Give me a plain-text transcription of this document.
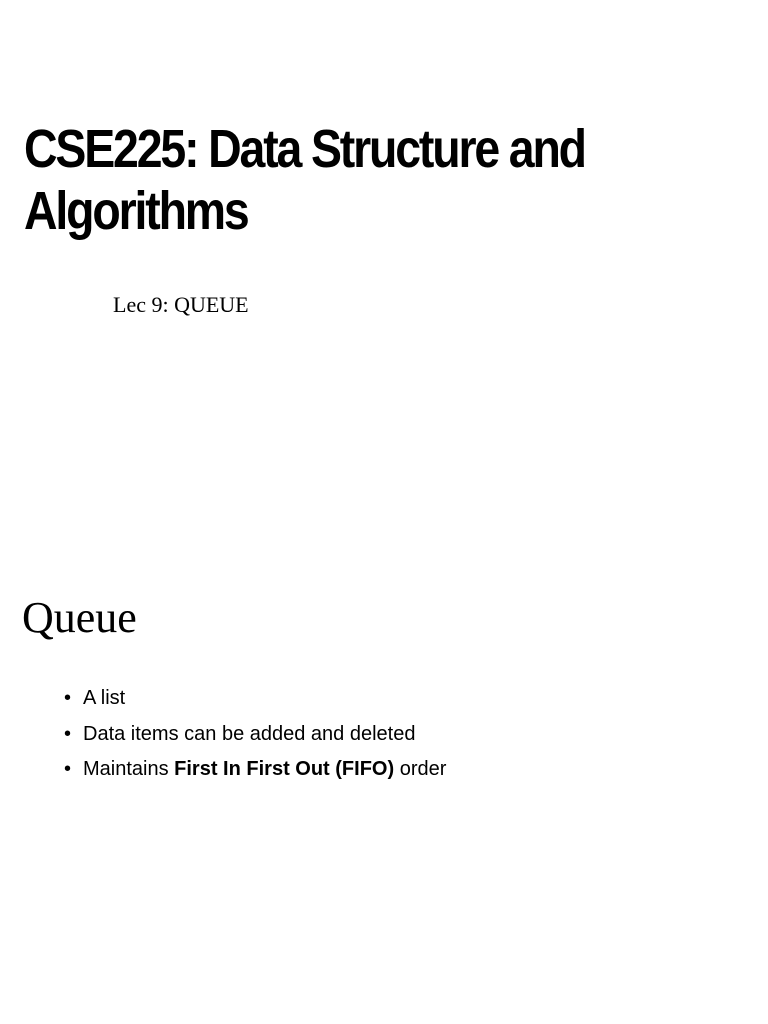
CSE225: Data Structure and
Algorithms

Lec 9: QUEUE

Queue
• A list
• Data items can be added and deleted
• Maintains First In First Out (FIFO) order
